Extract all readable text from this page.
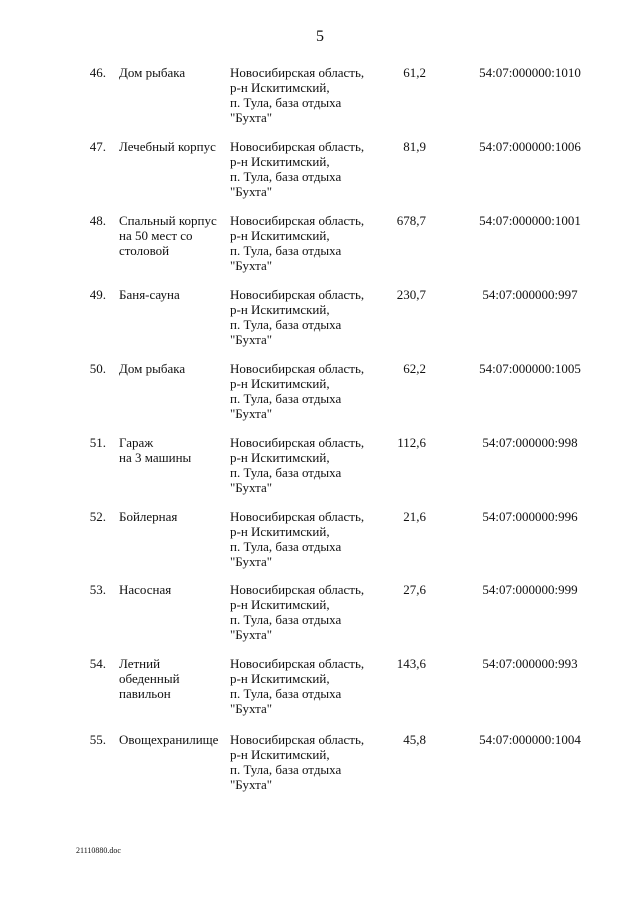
5
46. Дом рыбака	Новосибирская область,
р-н Искитимский,
п. Тула, база отдыха
"Бухта"
61,2	54:07:000000:1010
47. Лечебный корпус	Новосибирская область,
р-н Искитимский,
п. Тула, база отдыха
"Бухта"
81,9	54:07:000000:1006
48. Спальный корпус
на 50 мест со
столовой
Новосибирская область,
р-н Искитимский,
п. Тула, база отдыха
"Бухта"
678,7	54:07:000000:1001
49. Баня-сауна	Новосибирская область,
р-н Искитимский,
п. Тула, база отдыха
"Бухта"
230,7	54:07:000000:997
50. Дом рыбака	Новосибирская область,
р-н Искитимский,
п. Тула, база отдыха
"Бухта"
62,2	54:07:000000:1005
51. Гараж
на 3 машины
Новосибирская область,
р-н Искитимский,
п. Тула, база отдыха
"Бухта"
112,6	54:07:000000:998
52. Бойлерная	Новосибирская область,
р-н Искитимский,
п. Тула, база отдыха
"Бухта"
21,6	54:07:000000:996
53. Насосная	Новосибирская область,
р-н Искитимский,
п. Тула, база отдыха
"Бухта"
27,6	54:07:000000:999
54. Летний
обеденный
павильон
Новосибирская область,
р-н Искитимский,
п. Тула, база отдыха
"Бухта"
143,6	54:07:000000:993
55. Овощехранилище Новосибирская область,
р-н Искитимский,
п. Тула, база отдыха
"Бухта"
45,8	54:07:000000:1004
21110880.doc
